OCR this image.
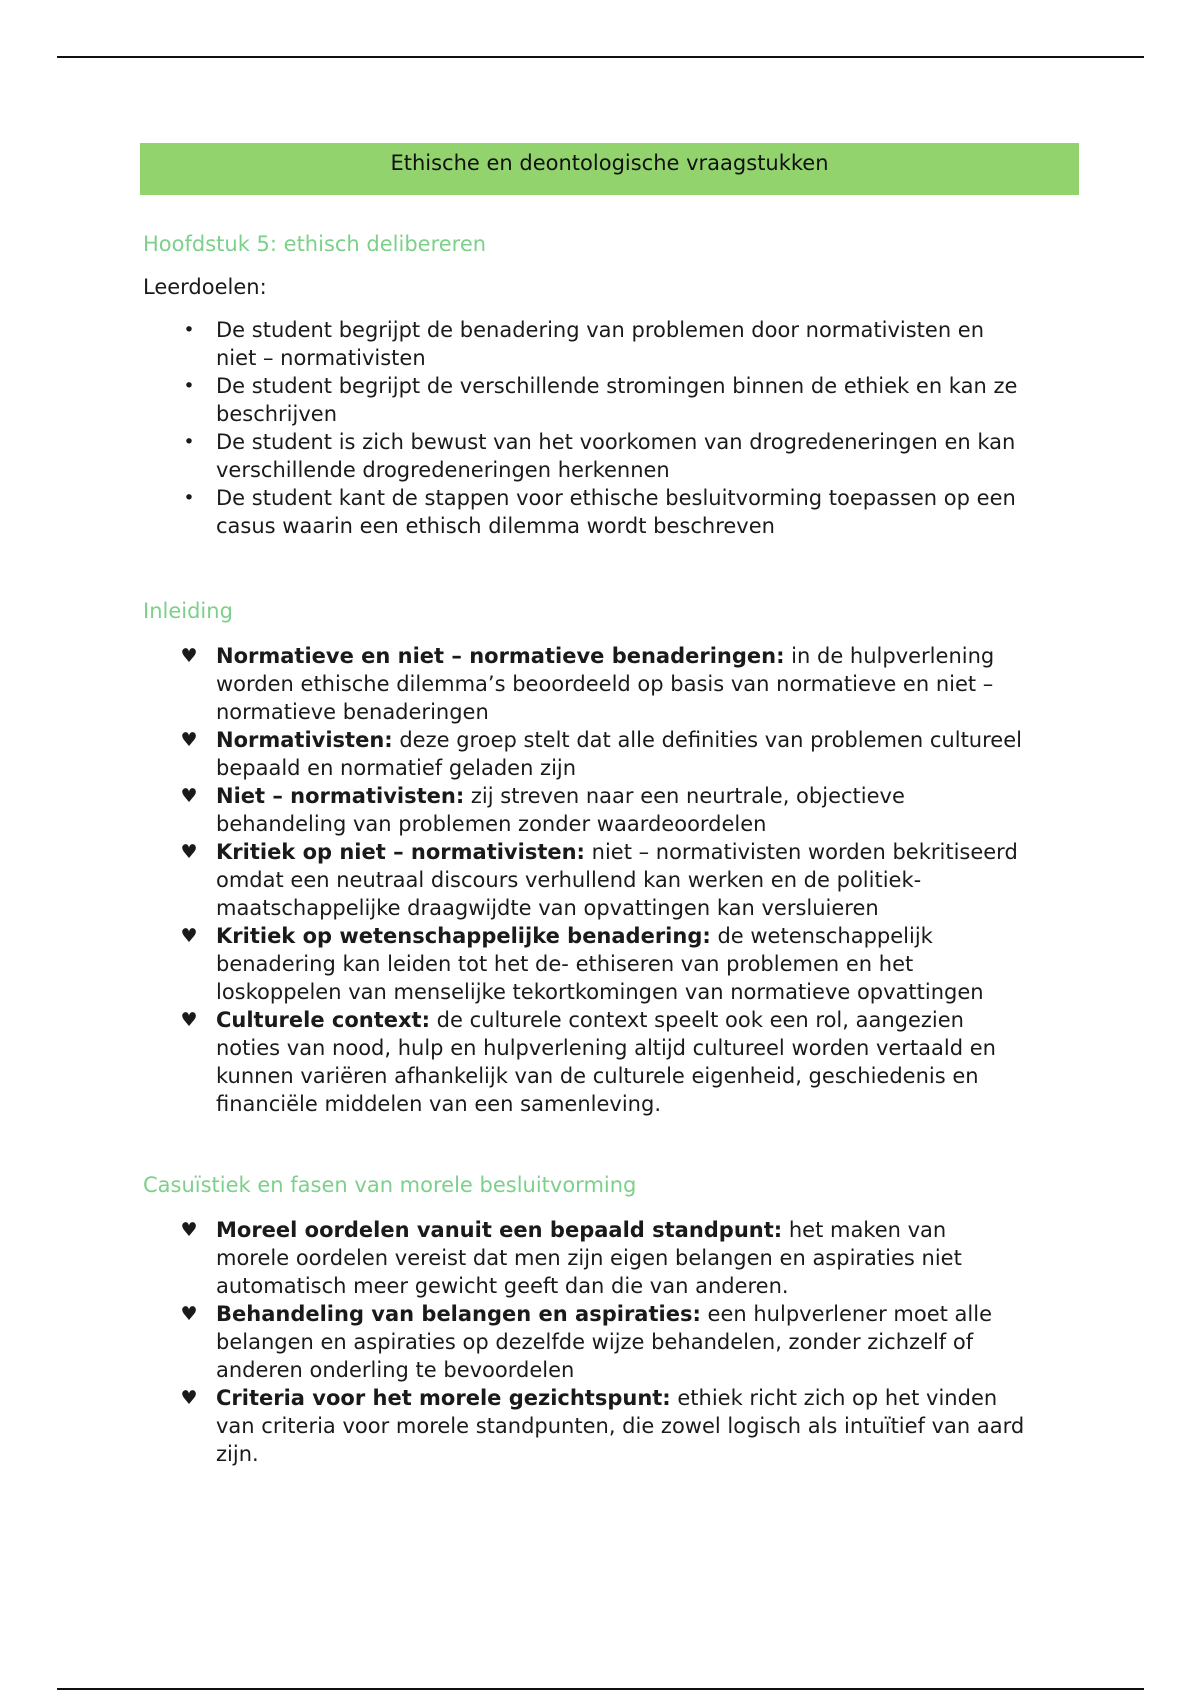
Ethische en deontologische vraagstukken
Hoofdstuk 5: ethisch delibereren
Leerdoelen:
• De student begrijpt de benadering van problemen door normativisten en niet – normativisten
• De student begrijpt de verschillende stromingen binnen de ethiek en kan ze beschrijven
• De student is zich bewust van het voorkomen van drogredeneringen en kan verschillende drogredeneringen herkennen
• De student kant de stappen voor ethische besluitvorming toepassen op een casus waarin een ethisch dilemma wordt beschreven
Inleiding
♥ Normatieve en niet – normatieve benaderingen: in de hulpverlening worden ethische dilemma’s beoordeeld op basis van normatieve en niet – normatieve benaderingen
♥ Normativisten: deze groep stelt dat alle definities van problemen cultureel bepaald en normatief geladen zijn
♥ Niet – normativisten: zij streven naar een neurtrale, objectieve behandeling van problemen zonder waardeoordelen
♥ Kritiek op niet – normativisten: niet – normativisten worden bekritiseerd omdat een neutraal discours verhullend kan werken en de politiek-maatschappelijke draagwijdte van opvattingen kan versluieren
♥ Kritiek op wetenschappelijke benadering: de wetenschappelijk benadering kan leiden tot het de- ethiseren van problemen en het loskoppelen van menselijke tekortkomingen van normatieve opvattingen
♥ Culturele context: de culturele context speelt ook een rol, aangezien noties van nood, hulp en hulpverlening altijd cultureel worden vertaald en kunnen variëren afhankelijk van de culturele eigenheid, geschiedenis en financiële middelen van een samenleving.
Casuïstiek en fasen van morele besluitvorming
♥ Moreel oordelen vanuit een bepaald standpunt: het maken van morele oordelen vereist dat men zijn eigen belangen en aspiraties niet automatisch meer gewicht geeft dan die van anderen.
♥ Behandeling van belangen en aspiraties: een hulpverlener moet alle belangen en aspiraties op dezelfde wijze behandelen, zonder zichzelf of anderen onderling te bevoordelen
♥ Criteria voor het morele gezichtspunt: ethiek richt zich op het vinden van criteria voor morele standpunten, die zowel logisch als intuïtief van aard zijn.
